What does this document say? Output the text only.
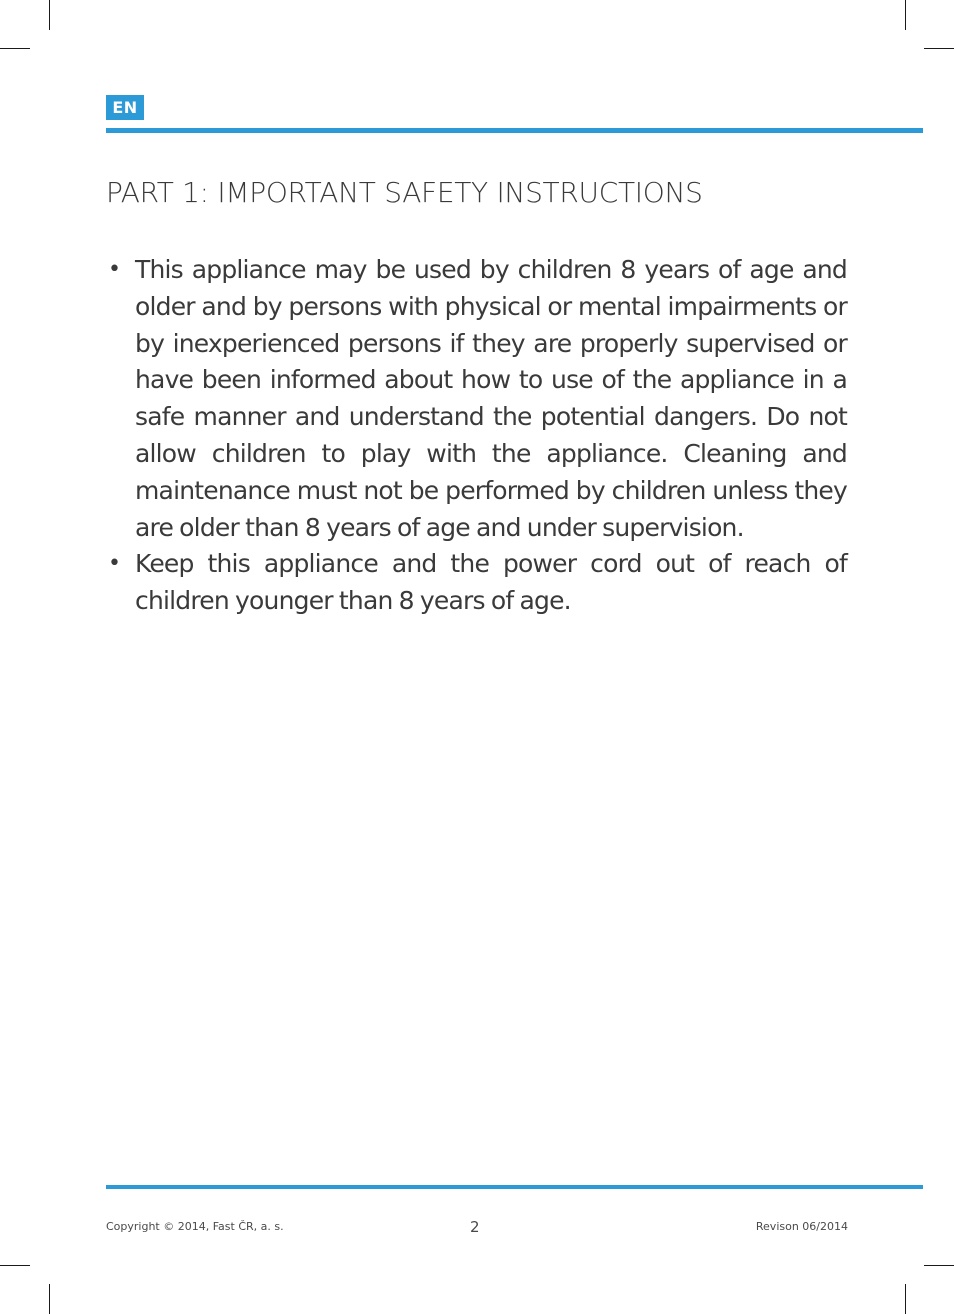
EN
PART 1: IMPORTANT SAFETY INSTRUCTIONS
• This appliance may be used by children 8 years of age and older and by persons with physical or mental impairments or by inexperienced persons if they are properly supervised or have been informed about how to use of the appliance in a safe manner and understand the potential dangers. Do not allow children to play with the appliance. Cleaning and maintenance must not be performed by children unless they are older than 8 years of age and under supervision.
• Keep this appliance and the power cord out of reach of children younger than 8 years of age.
Copyright © 2014, Fast ČR, a. s.	2	Revison 06/2014
